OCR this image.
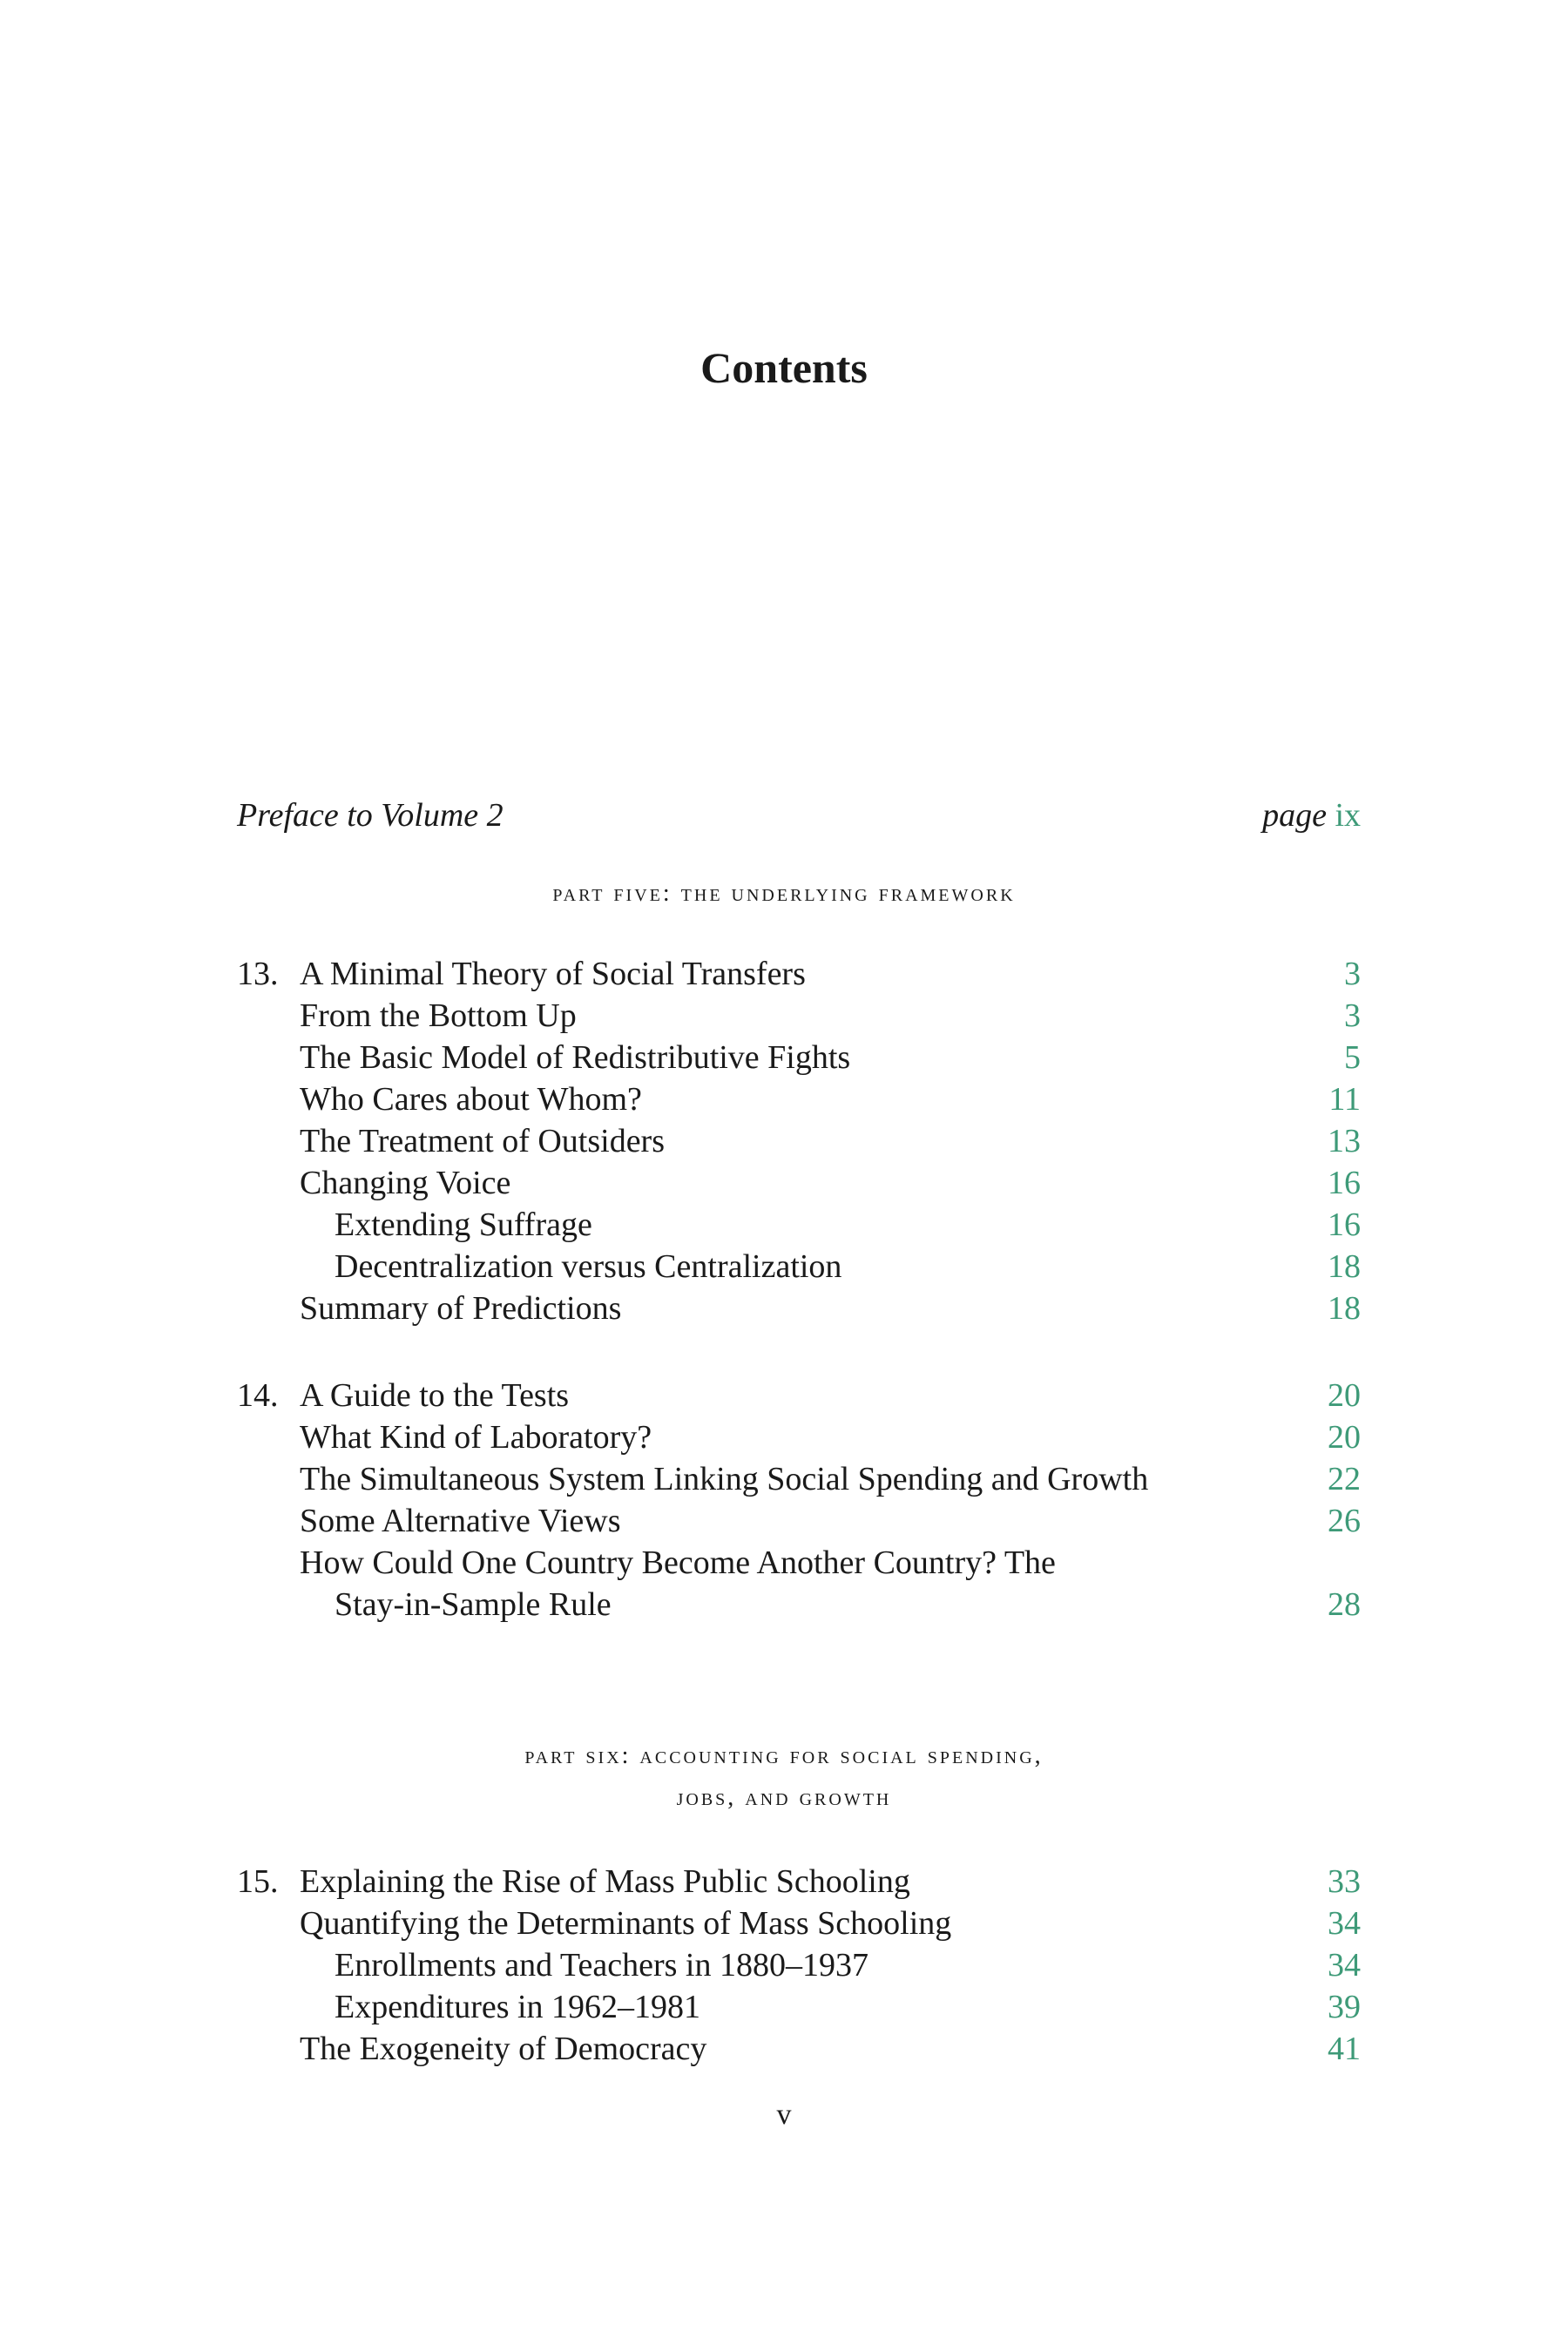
Contents
Preface to Volume 2	page ix
part five: the underlying framework
13. A Minimal Theory of Social Transfers	3
From the Bottom Up	3
The Basic Model of Redistributive Fights	5
Who Cares about Whom?	11
The Treatment of Outsiders	13
Changing Voice	16
Extending Suffrage	16
Decentralization versus Centralization	18
Summary of Predictions	18
14. A Guide to the Tests	20
What Kind of Laboratory?	20
The Simultaneous System Linking Social Spending and Growth	22
Some Alternative Views	26
How Could One Country Become Another Country? The
Stay-in-Sample Rule	28
part six: accounting for social spending,
jobs, and growth
15. Explaining the Rise of Mass Public Schooling	33
Quantifying the Determinants of Mass Schooling	34
Enrollments and Teachers in 1880–1937	34
Expenditures in 1962–1981	39
The Exogeneity of Democracy	41
v
